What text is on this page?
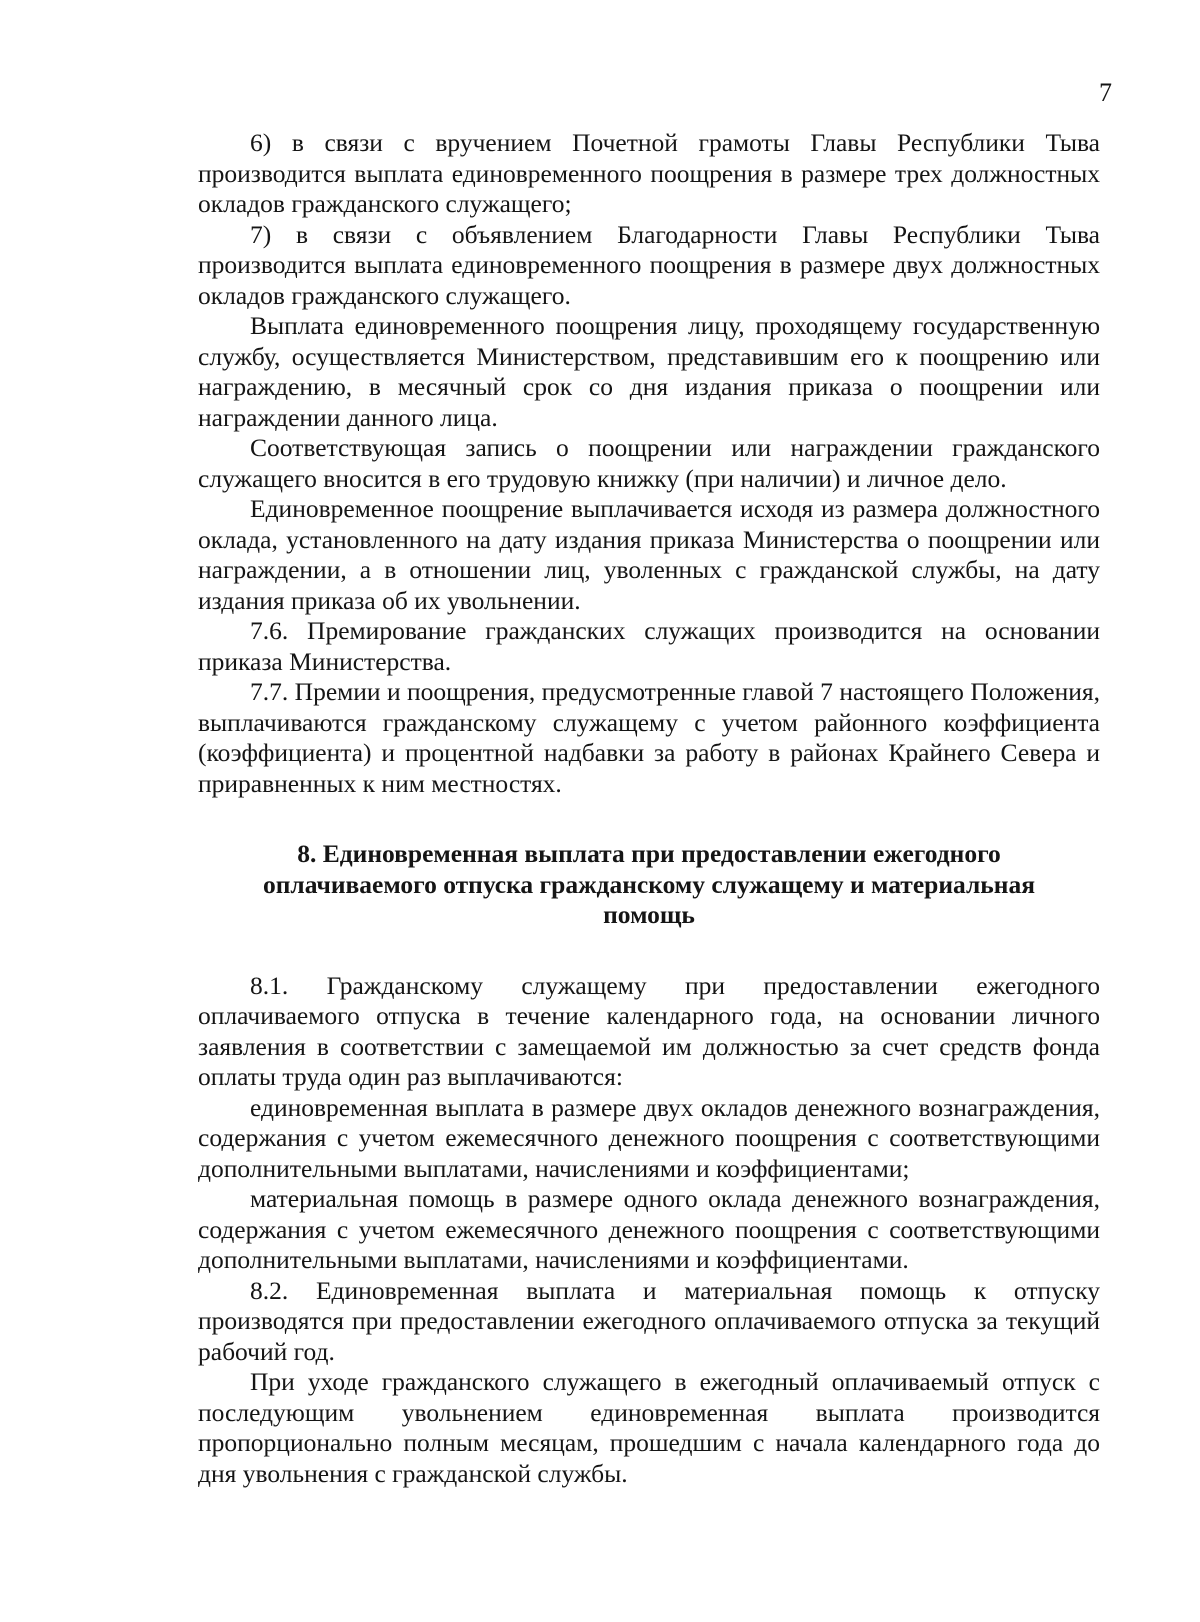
7

6) в связи с вручением Почетной грамоты Главы Республики Тыва производится выплата единовременного поощрения в размере трех должностных окладов гражданского служащего;

7) в связи с объявлением Благодарности Главы Республики Тыва производится выплата единовременного поощрения в размере двух должностных окладов гражданского служащего.

Выплата единовременного поощрения лицу, проходящему государственную службу, осуществляется Министерством, представившим его к поощрению или награждению, в месячный срок со дня издания приказа о поощрении или награждении данного лица.

Соответствующая запись о поощрении или награждении гражданского служащего вносится в его трудовую книжку (при наличии) и личное дело.

Единовременное поощрение выплачивается исходя из размера должностного оклада, установленного на дату издания приказа Министерства о поощрении или награждении, а в отношении лиц, уволенных с гражданской службы, на дату издания приказа об их увольнении.

7.6. Премирование гражданских служащих производится на основании приказа Министерства.

7.7. Премии и поощрения, предусмотренные главой 7 настоящего Положения, выплачиваются гражданскому служащему с учетом районного коэффициента (коэффициента) и процентной надбавки за работу в районах Крайнего Севера и приравненных к ним местностях.

8. Единовременная выплата при предоставлении ежегодного оплачиваемого отпуска гражданскому служащему и материальная помощь

8.1. Гражданскому служащему при предоставлении ежегодного оплачиваемого отпуска в течение календарного года, на основании личного заявления в соответствии с замещаемой им должностью за счет средств фонда оплаты труда один раз выплачиваются:

единовременная выплата в размере двух окладов денежного вознаграждения, содержания с учетом ежемесячного денежного поощрения с соответствующими дополнительными выплатами, начислениями и коэффициентами;

материальная помощь в размере одного оклада денежного вознаграждения, содержания с учетом ежемесячного денежного поощрения с соответствующими дополнительными выплатами, начислениями и коэффициентами.

8.2. Единовременная выплата и материальная помощь к отпуску производятся при предоставлении ежегодного оплачиваемого отпуска за текущий рабочий год.

При уходе гражданского служащего в ежегодный оплачиваемый отпуск с последующим увольнением единовременная выплата производится пропорционально полным месяцам, прошедшим с начала календарного года до дня увольнения с гражданской службы.
